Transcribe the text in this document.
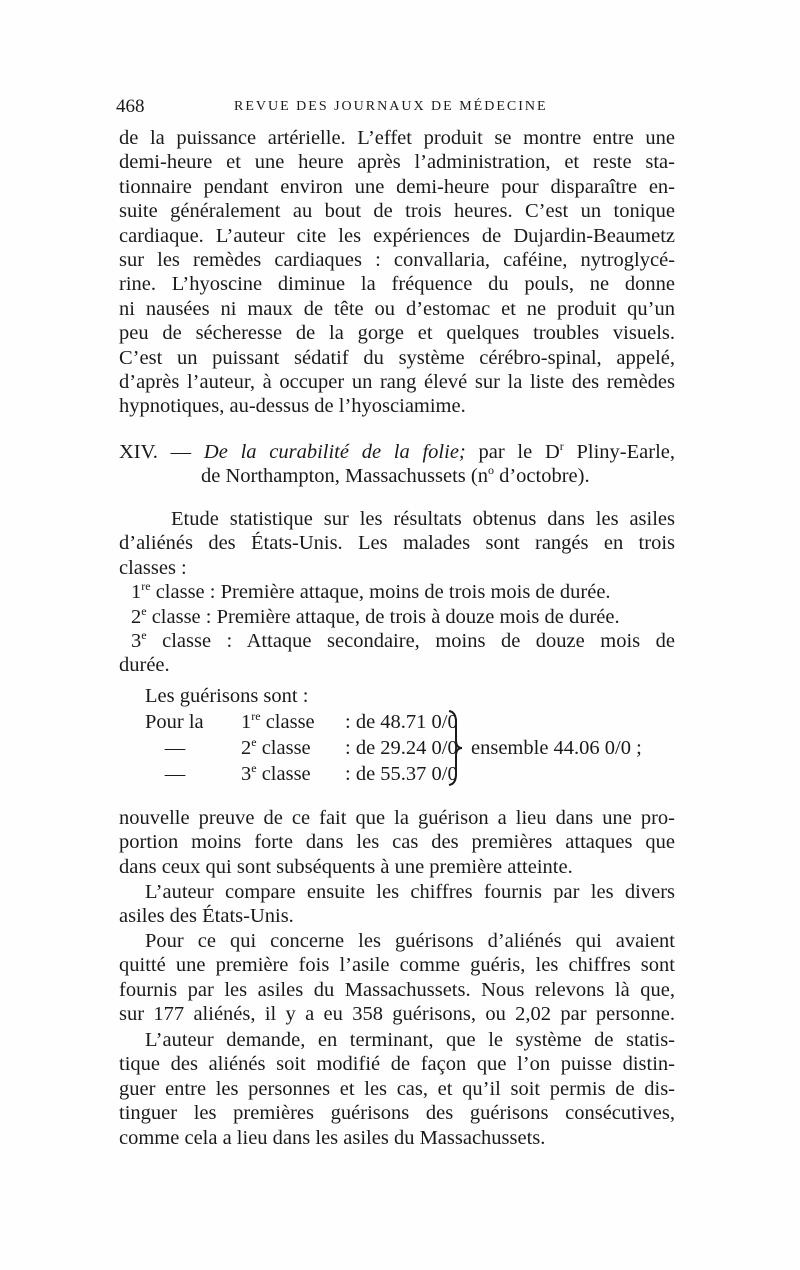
468	REVUE DES JOURNAUX DE MÉDECINE
de la puissance artérielle. L’effet produit se montre entre une
demi-heure et une heure après l’administration, et reste sta-
tionnaire pendant environ une demi-heure pour disparaître en-
suite généralement au bout de trois heures. C’est un tonique
cardiaque. L’auteur cite les expériences de Dujardin-Beaumetz
sur les remèdes cardiaques : convallaria, caféine, nytroglycé-
rine. L’hyoscine diminue la fréquence du pouls, ne donne
ni nausées ni maux de tête ou d’estomac et ne produit qu’un
peu de sécheresse de la gorge et quelques troubles visuels.
C’est un puissant sédatif du système cérébro-spinal, appelé,
d’après l’auteur, à occuper un rang élevé sur la liste des remèdes
hypnotiques, au-dessus de l’hyosciamime.
XIV. — De la curabilité de la folie; par le $D^r$ Pliny-Earle,
de Northampton, Massachussets ($n^o$ d’octobre).
Etude statistique sur les résultats obtenus dans les asiles
d’aliénés des États-Unis. Les malades sont rangés en trois
classes :
1re classe : Première attaque, moins de trois mois de durée.
2e classe : Première attaque, de trois à douze mois de durée.
3e classe : Attaque secondaire, moins de douze mois de
durée.
Les guérisons sont :
Pour la	1re classe	: de 48.71 0/0
—	2e classe	: de 29.24 0/0
—	3e classe	: de 55.37 0/0
ensemble 44.06 0/0 ;
nouvelle preuve de ce fait que la guérison a lieu dans une pro-
portion moins forte dans les cas des premières attaques que
dans ceux qui sont subséquents à une première atteinte.
L’auteur compare ensuite les chiffres fournis par les divers
asiles des États-Unis.
Pour ce qui concerne les guérisons d’aliénés qui avaient
quitté une première fois l’asile comme guéris, les chiffres sont
fournis par les asiles du Massachussets. Nous relevons là que,
sur 177 aliénés, il y a eu 358 guérisons, ou 2,02 par personne.
L’auteur demande, en terminant, que le système de statis-
tique des aliénés soit modifié de façon que l’on puisse distin-
guer entre les personnes et les cas, et qu’il soit permis de dis-
tinguer les premières guérisons des guérisons consécutives,
comme cela a lieu dans les asiles du Massachussets.
